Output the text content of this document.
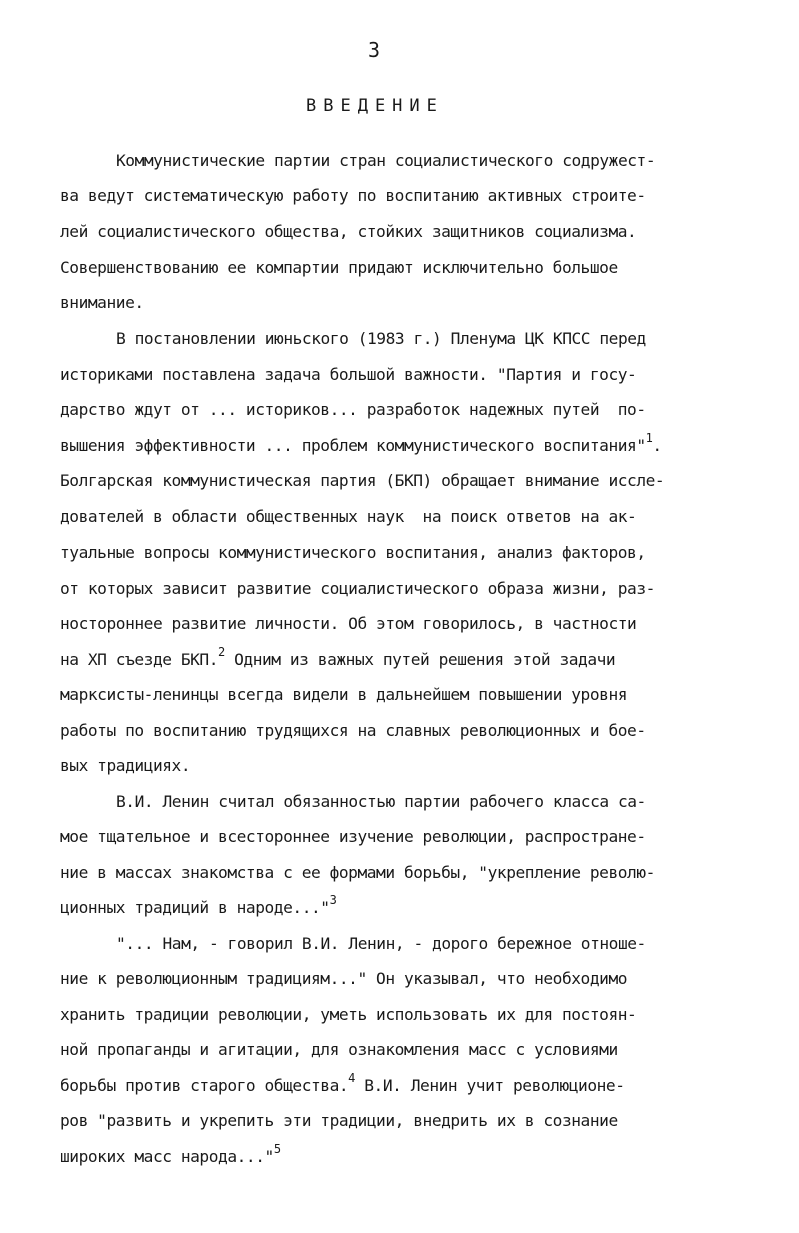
3
ВВЕДЕНИЕ
Коммунистические партии стран социалистического содружест-
ва ведут систематическую работу по воспитанию активных строите-
лей социалистического общества, стойких защитников социализма.
Совершенствованию ее компартии придают исключительно большое
внимание.
В постановлении июньского (1983 г.) Пленума ЦК КПСС перед
историками поставлена задача большой важности. "Партия и госу-
дарство ждут от ... историков... разработок надежных путей  по-
вышения эффективности ... проблем коммунистического воспитания"$^1$.
Болгарская коммунистическая партия (БКП) обращает внимание иссле-
дователей в области общественных наук  на поиск ответов на ак-
туальные вопросы коммунистического воспитания, анализ факторов,
от которых зависит развитие социалистического образа жизни, раз-
ностороннее развитие личности. Об этом говорилось, в частности
на ХП съезде БКП.$^2$ Одним из важных путей решения этой задачи
марксисты-ленинцы всегда видели в дальнейшем повышении уровня
работы по воспитанию трудящихся на славных революционных и боe-
вых традициях.
В.И. Ленин считал обязанностью партии рабочего класса са-
мое тщательное и всестороннее изучение революции, распростране-
ние в массах знакомства с ее формами борьбы, "укрепление револю-
ционных традиций в народе..."$^3$
"... Нам, - говорил В.И. Ленин, - дорого бережное отноше-
ние к революционным традициям..." Он указывал, что необходимо
хранить традиции революции, уметь использовать их для постоян-
ной пропаганды и агитации, для ознакомления масс с условиями
борьбы против старого общества.$^4$ В.И. Ленин учит революционе-
ров "развить и укрепить эти традиции, внедрить их в сознание
широких масс народа..."$^5$
